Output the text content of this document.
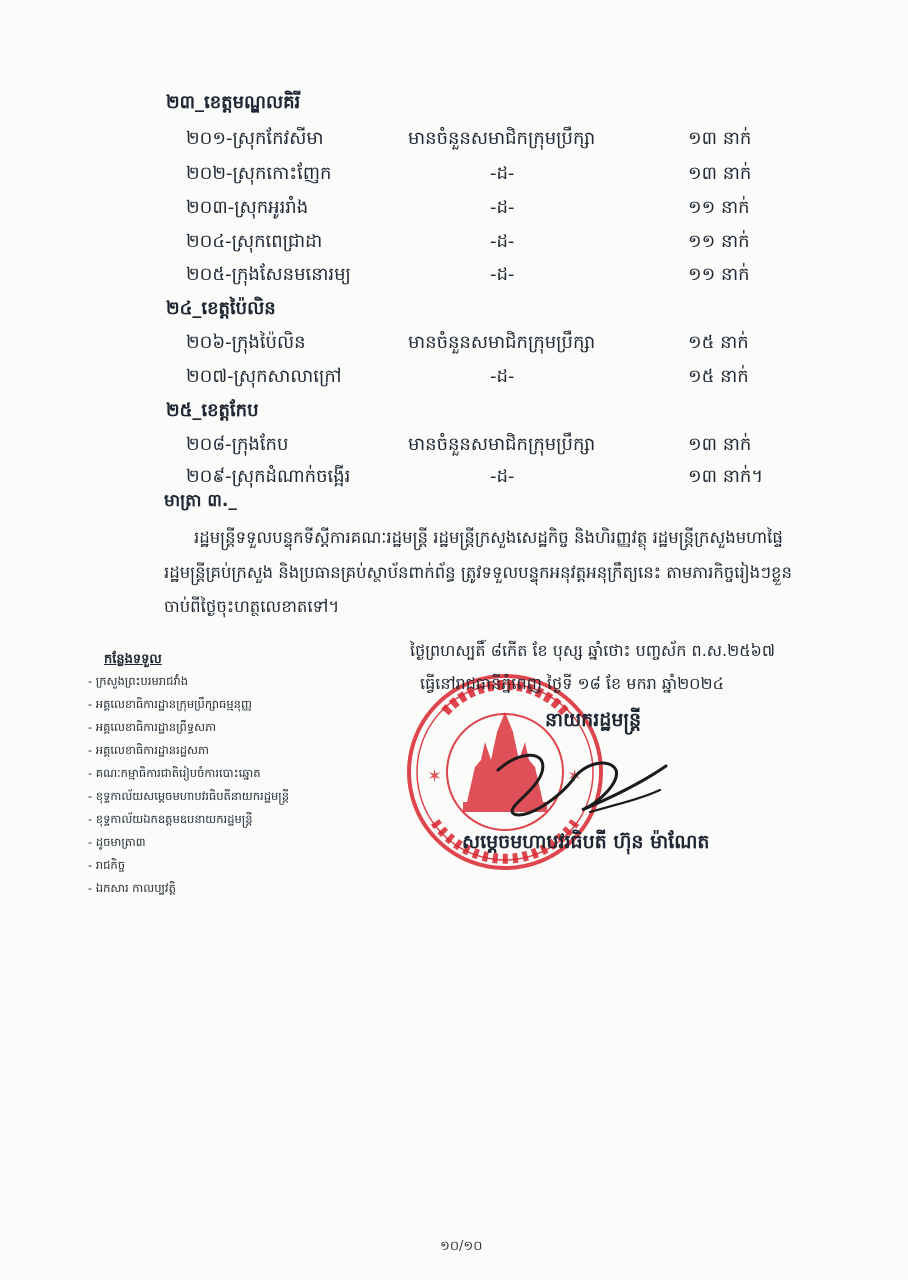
២៣_ខេត្តមណ្ឌលគិរី
២០១-ស្រុកកែវសីមា	មានចំនួនសមាជិកក្រុមប្រឹក្សា	១៣ នាក់
២០២-ស្រុកកោះញែក	-ដ-	១៣ នាក់
២០៣-ស្រុកអូររាំង	-ដ-	១១ នាក់
២០៤-ស្រុកពេជ្រាដា	-ដ-	១១ នាក់
២០៥-ក្រុងសែនមនោរម្យ	-ដ-	១១ នាក់
២៤_ខេត្តប៉ៃលិន
២០៦-ក្រុងប៉ៃលិន	មានចំនួនសមាជិកក្រុមប្រឹក្សា	១៥ នាក់
២០៧-ស្រុកសាលាក្រៅ	-ដ-	១៥ នាក់
២៥_ខេត្តកែប
២០៨-ក្រុងកែប	មានចំនួនសមាជិកក្រុមប្រឹក្សា	១៣ នាក់
២០៩-ស្រុកដំណាក់ចង្អើរ	-ដ-	១៣ នាក់។
មាត្រា ៣._
រដ្ឋមន្ត្រីទទួលបន្ទុកទីស្ដីការគណៈរដ្ឋមន្ត្រី រដ្ឋមន្ត្រីក្រសួងសេដ្ឋកិច្ច និងហិរញ្ញវត្ថុ រដ្ឋមន្ត្រីក្រសួងមហាផ្ទៃ
រដ្ឋមន្ត្រីគ្រប់ក្រសួង និងប្រធានគ្រប់ស្ថាប័នពាក់ព័ន្ធ ត្រូវទទួលបន្ទុកអនុវត្តអនុក្រឹត្យនេះ តាមភារកិច្ចរៀងៗខ្លួន
ចាប់ពីថ្ងៃចុះហត្ថលេខាតទៅ។
កន្លែងទទួល
- ក្រសួងព្រះបរមរាជវាំង
- អគ្គលេខាធិការដ្ឋានក្រុមប្រឹក្សាធម្មនុញ្ញ
- អគ្គលេខាធិការដ្ឋានព្រឹទ្ធសភា
- អគ្គលេខាធិការដ្ឋានរដ្ឋសភា
- គណៈកម្មាធិការជាតិរៀបចំការបោះឆ្នោត
- ខុទ្ទកាល័យសម្ដេចមហាបវរធិបតីនាយករដ្ឋមន្ត្រី
- ខុទ្ទកាល័យឯកឧត្តមឧបនាយករដ្ឋមន្ត្រី
- ដូចមាត្រា៣
- រាជកិច្ច
- ឯកសារ កាលប្បវត្តិ
✶	✶
ថ្ងៃព្រហស្បតិ៍ ៨កើត ខែ បុស្ស ឆ្នាំថោះ បញ្ចស័ក ព.ស.២៥៦៧
ធ្វើនៅរាជធានីភ្នំពេញ ថ្ងៃទី ១៨ ខែ មករា ឆ្នាំ២០២៤
នាយករដ្ឋមន្ត្រី
សម្តេចមហាបវរធិបតី ហ៊ុន ម៉ាណែត
១០/១០
